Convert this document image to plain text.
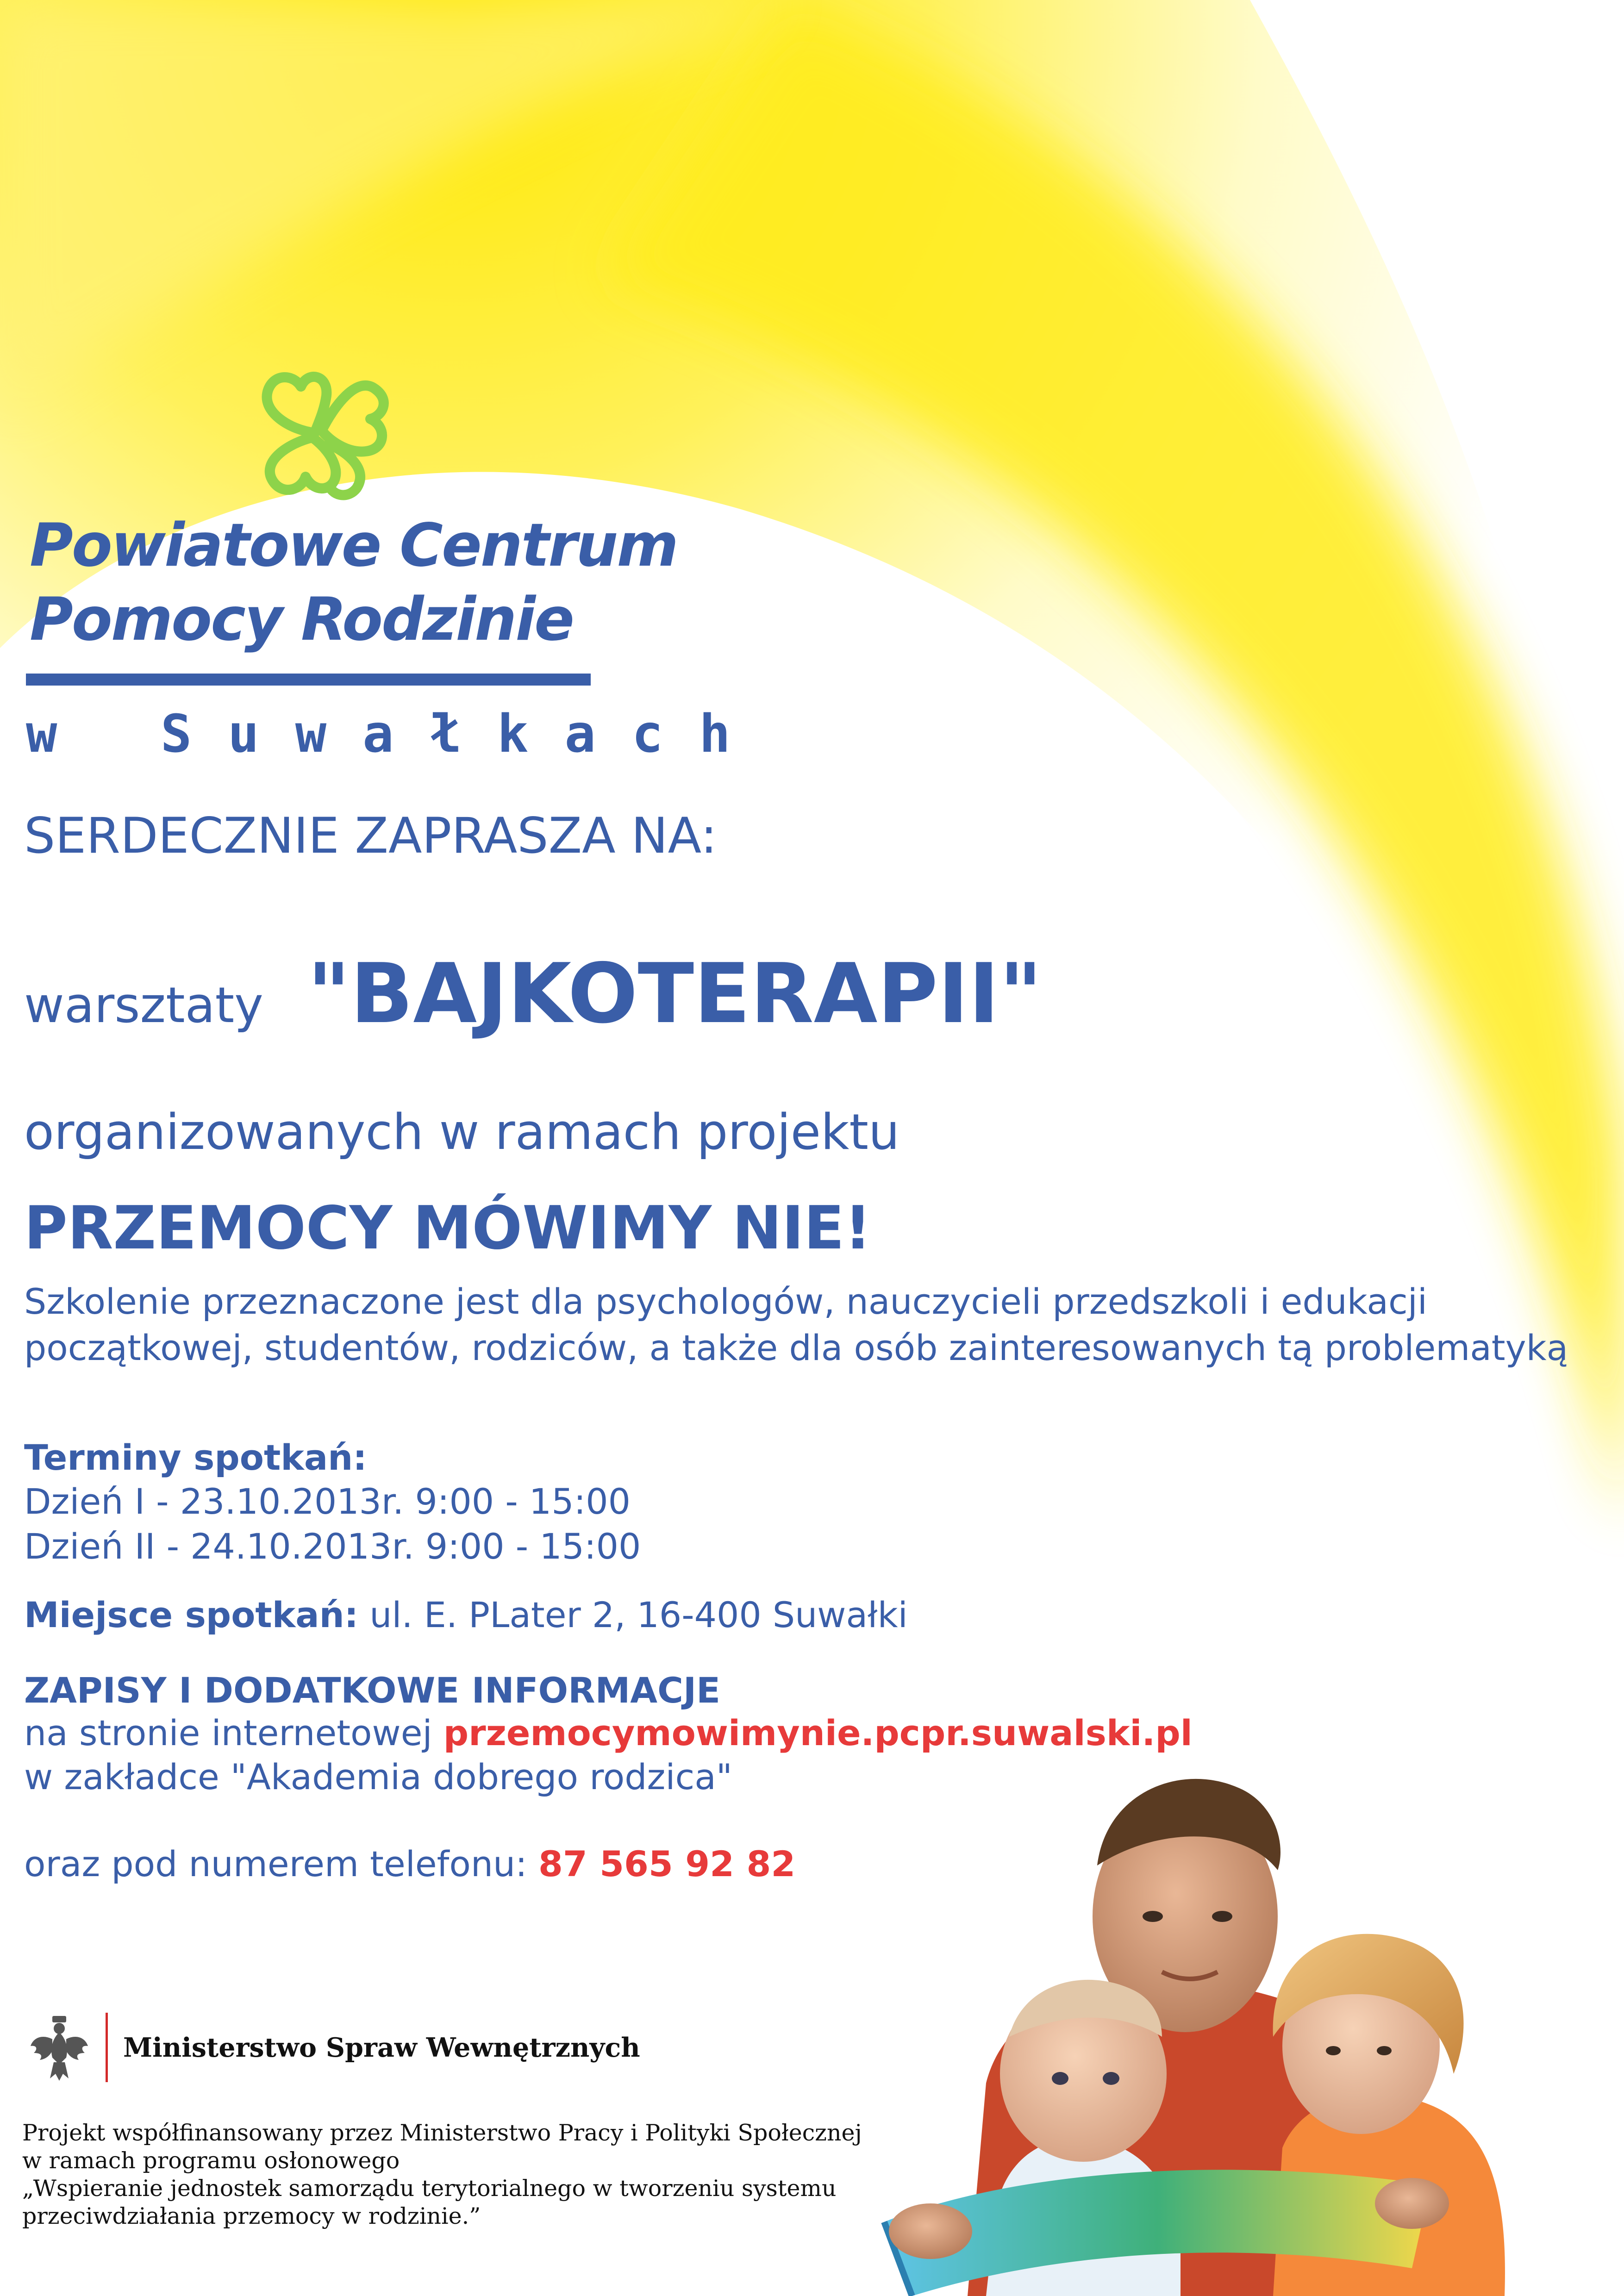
Powiatowe Centrum
Pomocy Rodzinie
w Suwałkach
SERDECZNIE ZAPRASZA NA:
warsztaty "BAJKOTERAPII"
organizowanych w ramach projektu
PRZEMOCY MÓWIMY NIE!
Szkolenie przeznaczone jest dla psychologów, nauczycieli przedszkoli i edukacji
początkowej, studentów, rodziców, a także dla osób zainteresowanych tą problematyką
Terminy spotkań:
Dzień I - 23.10.2013r. 9:00 - 15:00
Dzień II - 24.10.2013r. 9:00 - 15:00
Miejsce spotkań: ul. E. PLater 2, 16-400 Suwałki
ZAPISY I DODATKOWE INFORMACJE
na stronie internetowej przemocymowimynie.pcpr.suwalski.pl
w zakładce "Akademia dobrego rodzica"
oraz pod numerem telefonu: 87 565 92 82
Ministerstwo Spraw Wewnętrznych
Projekt współfinansowany przez Ministerstwo Pracy i Polityki Społecznej
w ramach programu osłonowego
„Wspieranie jednostek samorządu terytorialnego w tworzeniu systemu
przeciwdziałania przemocy w rodzinie.”
